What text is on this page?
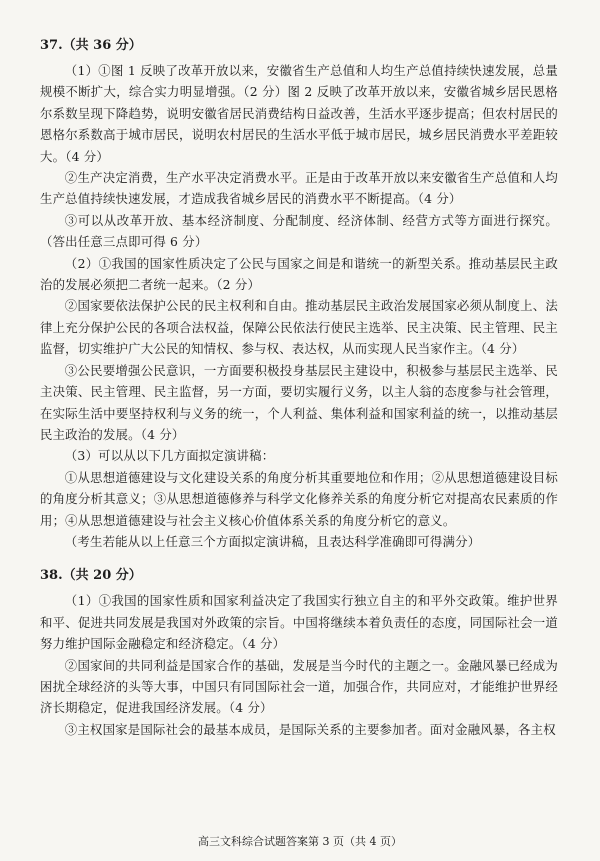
37.（共 36 分）

（1）①图 1 反映了改革开放以来，安徽省生产总值和人均生产总值持续快速发展，总量规模不断扩大，综合实力明显增强。（2 分）图 2 反映了改革开放以来，安徽省城乡居民恩格尔系数呈现下降趋势，说明安徽省居民消费结构日益改善，生活水平逐步提高；但农村居民的恩格尔系数高于城市居民，说明农村居民的生活水平低于城市居民，城乡居民消费水平差距较大。（4 分）

②生产决定消费，生产水平决定消费水平。正是由于改革开放以来安徽省生产总值和人均生产总值持续快速发展，才造成我省城乡居民的消费水平不断提高。（4 分）

③可以从改革开放、基本经济制度、分配制度、经济体制、经营方式等方面进行探究。（答出任意三点即可得 6 分）

（2）①我国的国家性质决定了公民与国家之间是和谐统一的新型关系。推动基层民主政治的发展必须把二者统一起来。（2 分）

②国家要依法保护公民的民主权利和自由。推动基层民主政治发展国家必须从制度上、法律上充分保护公民的各项合法权益，保障公民依法行使民主选举、民主决策、民主管理、民主监督，切实维护广大公民的知情权、参与权、表达权，从而实现人民当家作主。（4 分）

③公民要增强公民意识，一方面要积极投身基层民主建设中，积极参与基层民主选举、民主决策、民主管理、民主监督，另一方面，要切实履行义务，以主人翁的态度参与社会管理，在实际生活中要坚持权利与义务的统一，个人利益、集体利益和国家利益的统一，以推动基层民主政治的发展。（4 分）

（3）可以从以下几方面拟定演讲稿：

①从思想道德建设与文化建设关系的角度分析其重要地位和作用；②从思想道德建设目标的角度分析其意义；③从思想道德修养与科学文化修养关系的角度分析它对提高农民素质的作用；④从思想道德建设与社会主义核心价值体系关系的角度分析它的意义。

（考生若能从以上任意三个方面拟定演讲稿，且表达科学准确即可得满分）

38.（共 20 分）

（1）①我国的国家性质和国家利益决定了我国实行独立自主的和平外交政策。维护世界和平、促进共同发展是我国对外政策的宗旨。中国将继续本着负责任的态度，同国际社会一道努力维护国际金融稳定和经济稳定。（4 分）

②国家间的共同利益是国家合作的基础，发展是当今时代的主题之一。金融风暴已经成为困扰全球经济的头等大事，中国只有同国际社会一道，加强合作，共同应对，才能维护世界经济长期稳定，促进我国经济发展。（4 分）

③主权国家是国际社会的最基本成员，是国际关系的主要参加者。面对金融风暴，各主权

高三文科综合试题答案第 3 页（共 4 页）
